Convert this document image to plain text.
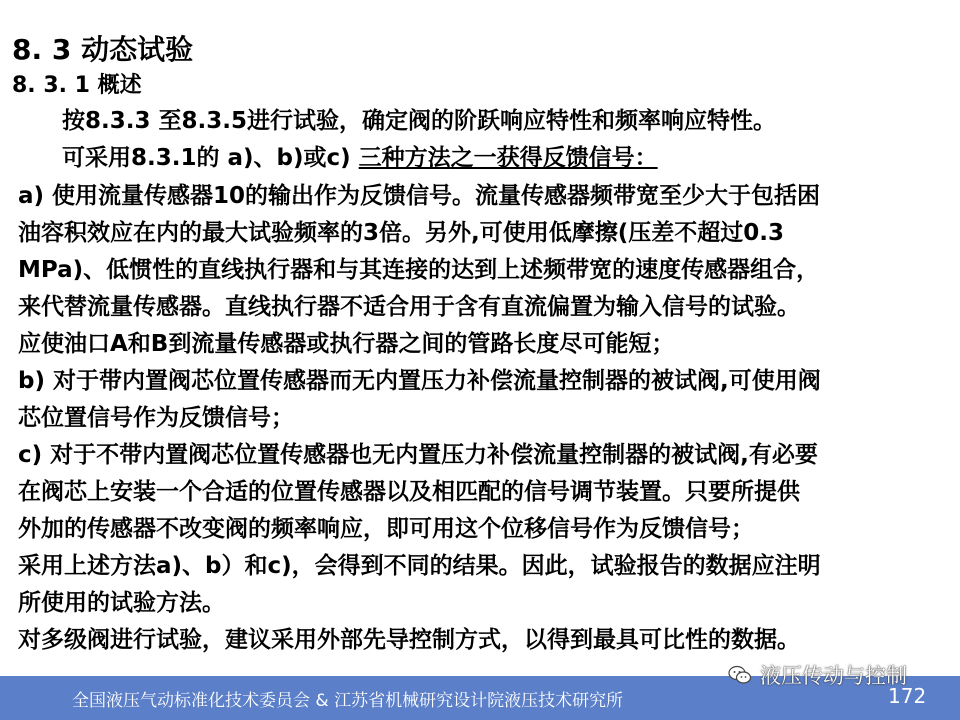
8. 3 动态试验
8. 3. 1 概述
按8.3.3 至8.3.5进行试验，确定阀的阶跃响应特性和频率响应特性。
可采用8.3.1的 a)、b)或c) 三种方法之一获得反馈信号：
a) 使用流量传感器10的输出作为反馈信号。流量传感器频带宽至少大于包括困
油容积效应在内的最大试验频率的3倍。另外,可使用低摩擦(压差不超过0.3
MPa)、低惯性的直线执行器和与其连接的达到上述频带宽的速度传感器组合，
来代替流量传感器。直线执行器不适合用于含有直流偏置为输入信号的试验。
应使油口A和B到流量传感器或执行器之间的管路长度尽可能短；
b) 对于带内置阀芯位置传感器而无内置压力补偿流量控制器的被试阀,可使用阀
芯位置信号作为反馈信号；
c) 对于不带内置阀芯位置传感器也无内置压力补偿流量控制器的被试阀,有必要
在阀芯上安装一个合适的位置传感器以及相匹配的信号调节装置。只要所提供
外加的传感器不改变阀的频率响应，即可用这个位移信号作为反馈信号；
采用上述方法a)、b）和c)，会得到不同的结果。因此，试验报告的数据应注明
所使用的试验方法。
对多级阀进行试验，建议采用外部先导控制方式，以得到最具可比性的数据。
全国液压气动标准化技术委员会 & 江苏省机械研究设计院液压技术研究所
液压传动与控制
172
